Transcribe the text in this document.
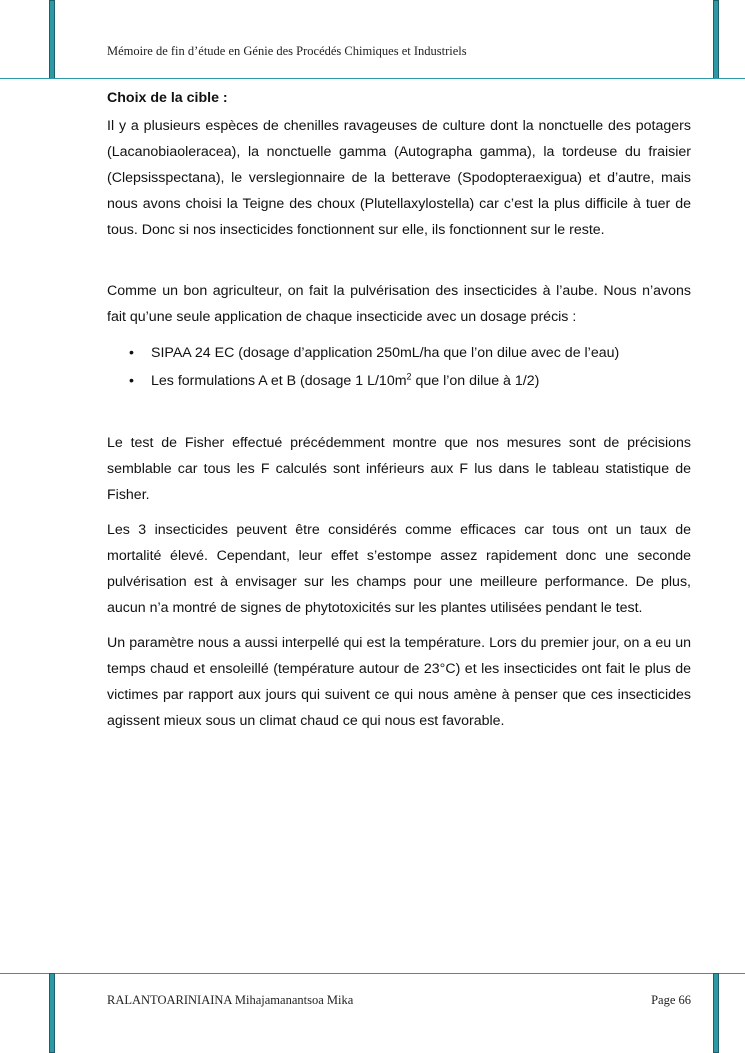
Mémoire de fin d’étude en Génie des Procédés Chimiques et Industriels
Choix de la cible :

Il y a plusieurs espèces de chenilles ravageuses de culture dont la nonctuelle des potagers (Lacanobiaoleracea), la nonctuelle gamma (Autographa gamma), la tordeuse du fraisier (Clepsisspectana), le verslegionnaire de la betterave (Spodopteraexigua) et d’autre, mais nous avons choisi la Teigne des choux (Plutellaxylostella) car c’est la plus difficile à tuer de tous. Donc si nos insecticides fonctionnent sur elle, ils fonctionnent sur le reste.

Comme un bon agriculteur, on fait la pulvérisation des insecticides à l’aube. Nous n’avons fait qu’une seule application de chaque insecticide avec un dosage précis :

• SIPAA 24 EC (dosage d’application 250mL/ha que l’on dilue avec de l’eau)
• Les formulations A et B (dosage 1 $L/10m^2$ que l’on dilue à 1/2)

Le test de Fisher effectué précédemment montre que nos mesures sont de précisions semblable car tous les F calculés sont inférieurs aux F lus dans le tableau statistique de Fisher.

Les 3 insecticides peuvent être considérés comme efficaces car tous ont un taux de mortalité élevé. Cependant, leur effet s’estompe assez rapidement donc une seconde pulvérisation est à envisager sur les champs pour une meilleure performance. De plus, aucun n’a montré de signes de phytotoxicités sur les plantes utilisées pendant le test.

Un paramètre nous a aussi interpellé qui est la température. Lors du premier jour, on a eu un temps chaud et ensoleillé (température autour de 23°C) et les insecticides ont fait le plus de victimes par rapport aux jours qui suivent ce qui nous amène à penser que ces insecticides agissent mieux sous un climat chaud ce qui nous est favorable.

RALANTOARINIAINA Mihajamanantsoa Mika	Page 66
